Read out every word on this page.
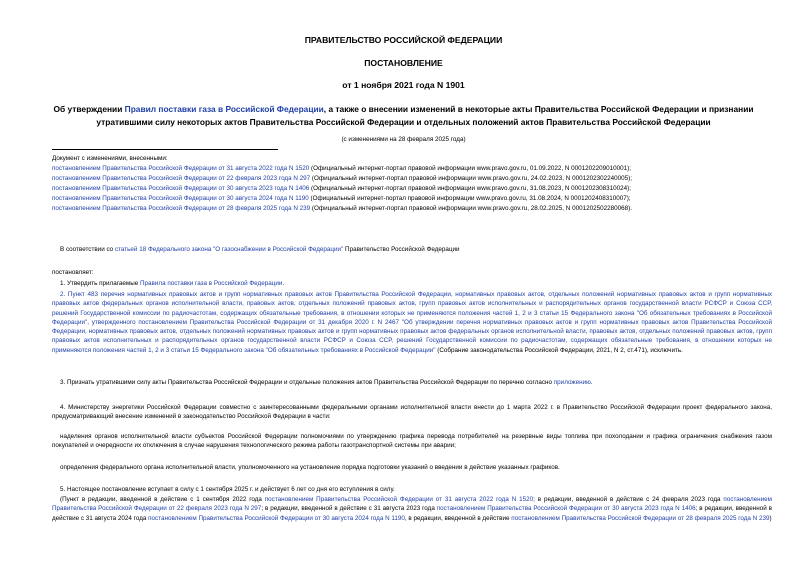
ПРАВИТЕЛЬСТВО РОССИЙСКОЙ ФЕДЕРАЦИИ
ПОСТАНОВЛЕНИЕ
от 1 ноября 2021 года N 1901
Об утверждении Правил поставки газа в Российской Федерации, а также о внесении изменений в некоторые акты Правительства Российской Федерации и признании утратившими силу некоторых актов Правительства Российской Федерации и отдельных положений актов Правительства Российской Федерации
(с изменениями на 28 февраля 2025 года)
Документ с изменениями, внесенными:
постановлением Правительства Российской Федерации от 31 августа 2022 года N 1520 (Официальный интернет-портал правовой информации www.pravo.gov.ru, 01.09.2022, N 0001202209010001);
постановлением Правительства Российской Федерации от 22 февраля 2023 года N 297 (Официальный интернет-портал правовой информации www.pravo.gov.ru, 24.02.2023, N 0001202302240005);
постановлением Правительства Российской Федерации от 30 августа 2023 года N 1406 (Официальный интернет-портал правовой информации www.pravo.gov.ru, 31.08.2023, N 0001202308310024);
постановлением Правительства Российской Федерации от 30 августа 2024 года N 1190 (Официальный интернет-портал правовой информации www.pravo.gov.ru, 31.08.2024, N 0001202408310007);
постановлением Правительства Российской Федерации от 28 февраля 2025 года N 239 (Официальный интернет-портал правовой информации www.pravo.gov.ru, 28.02.2025, N 0001202502280068).
В соответствии со статьей 18 Федерального закона "О газоснабжении в Российской Федерации" Правительство Российской Федерации
постановляет:
1. Утвердить прилагаемые Правила поставки газа в Российской Федерации.
2. Пункт 483 перечня нормативных правовых актов и групп нормативных правовых актов Правительства Российской Федерации, нормативных правовых актов, отдельных положений нормативных правовых актов и групп нормативных правовых актов федеральных органов исполнительной власти, правовых актов, отдельных положений правовых актов, групп правовых актов исполнительных и распорядительных органов государственной власти РСФСР и Союза ССР, решений Государственной комиссии по радиочастотам, содержащих обязательные требования, в отношении которых не применяются положения частей 1, 2 и 3 статьи 15 Федерального закона "Об обязательных требованиях в Российской Федерации", утвержденного постановлением Правительства Российской Федерации от 31 декабря 2020 г. N 2467 "Об утверждении перечня нормативных правовых актов и групп нормативных правовых актов Правительства Российской Федерации, нормативных правовых актов, отдельных положений нормативных правовых актов и групп нормативных правовых актов федеральных органов исполнительной власти, правовых актов, отдельных положений правовых актов, групп правовых актов исполнительных и распорядительных органов государственной власти РСФСР и Союза ССР, решений Государственной комиссии по радиочастотам, содержащих обязательные требования, в отношении которых не применяются положения частей 1, 2 и 3 статьи 15 Федерального закона "Об обязательных требованиях в Российской Федерации" (Собрание законодательства Российской Федерации, 2021, N 2, ст.471), исключить.
3. Признать утратившими силу акты Правительства Российской Федерации и отдельные положения актов Правительства Российской Федерации по перечню согласно приложению.
4. Министерству энергетики Российской Федерации совместно с заинтересованными федеральными органами исполнительной власти внести до 1 марта 2022 г. в Правительство Российской Федерации проект федерального закона, предусматривающий внесение изменений в законодательство Российской Федерации в части:
наделения органов исполнительной власти субъектов Российской Федерации полномочиями по утверждению графика перевода потребителей на резервные виды топлива при похолодании и графика ограничения снабжения газом покупателей и очередности их отключения в случае нарушения технологического режима работы газотранспортной системы при аварии;
определения федерального органа исполнительной власти, уполномоченного на установление порядка подготовки указаний о введении в действие указанных графиков.
5. Настоящее постановление вступает в силу с 1 сентября 2025 г. и действует 6 лет со дня его вступления в силу.
(Пункт в редакции, введенной в действие с 1 сентября 2022 года постановлением Правительства Российской Федерации от 31 августа 2022 года N 1520; в редакции, введенной в действие с 24 февраля 2023 года постановлением Правительства Российской Федерации от 22 февраля 2023 года N 297; в редакции, введенной в действие с 31 августа 2023 года постановлением Правительства Российской Федерации от 30 августа 2023 года N 1406; в редакции, введенной в действие с 31 августа 2024 года постановлением Правительства Российской Федерации от 30 августа 2024 года N 1190, в редакции, введенной в действие постановлением Правительства Российской Федерации от 28 февраля 2025 года N 239)
